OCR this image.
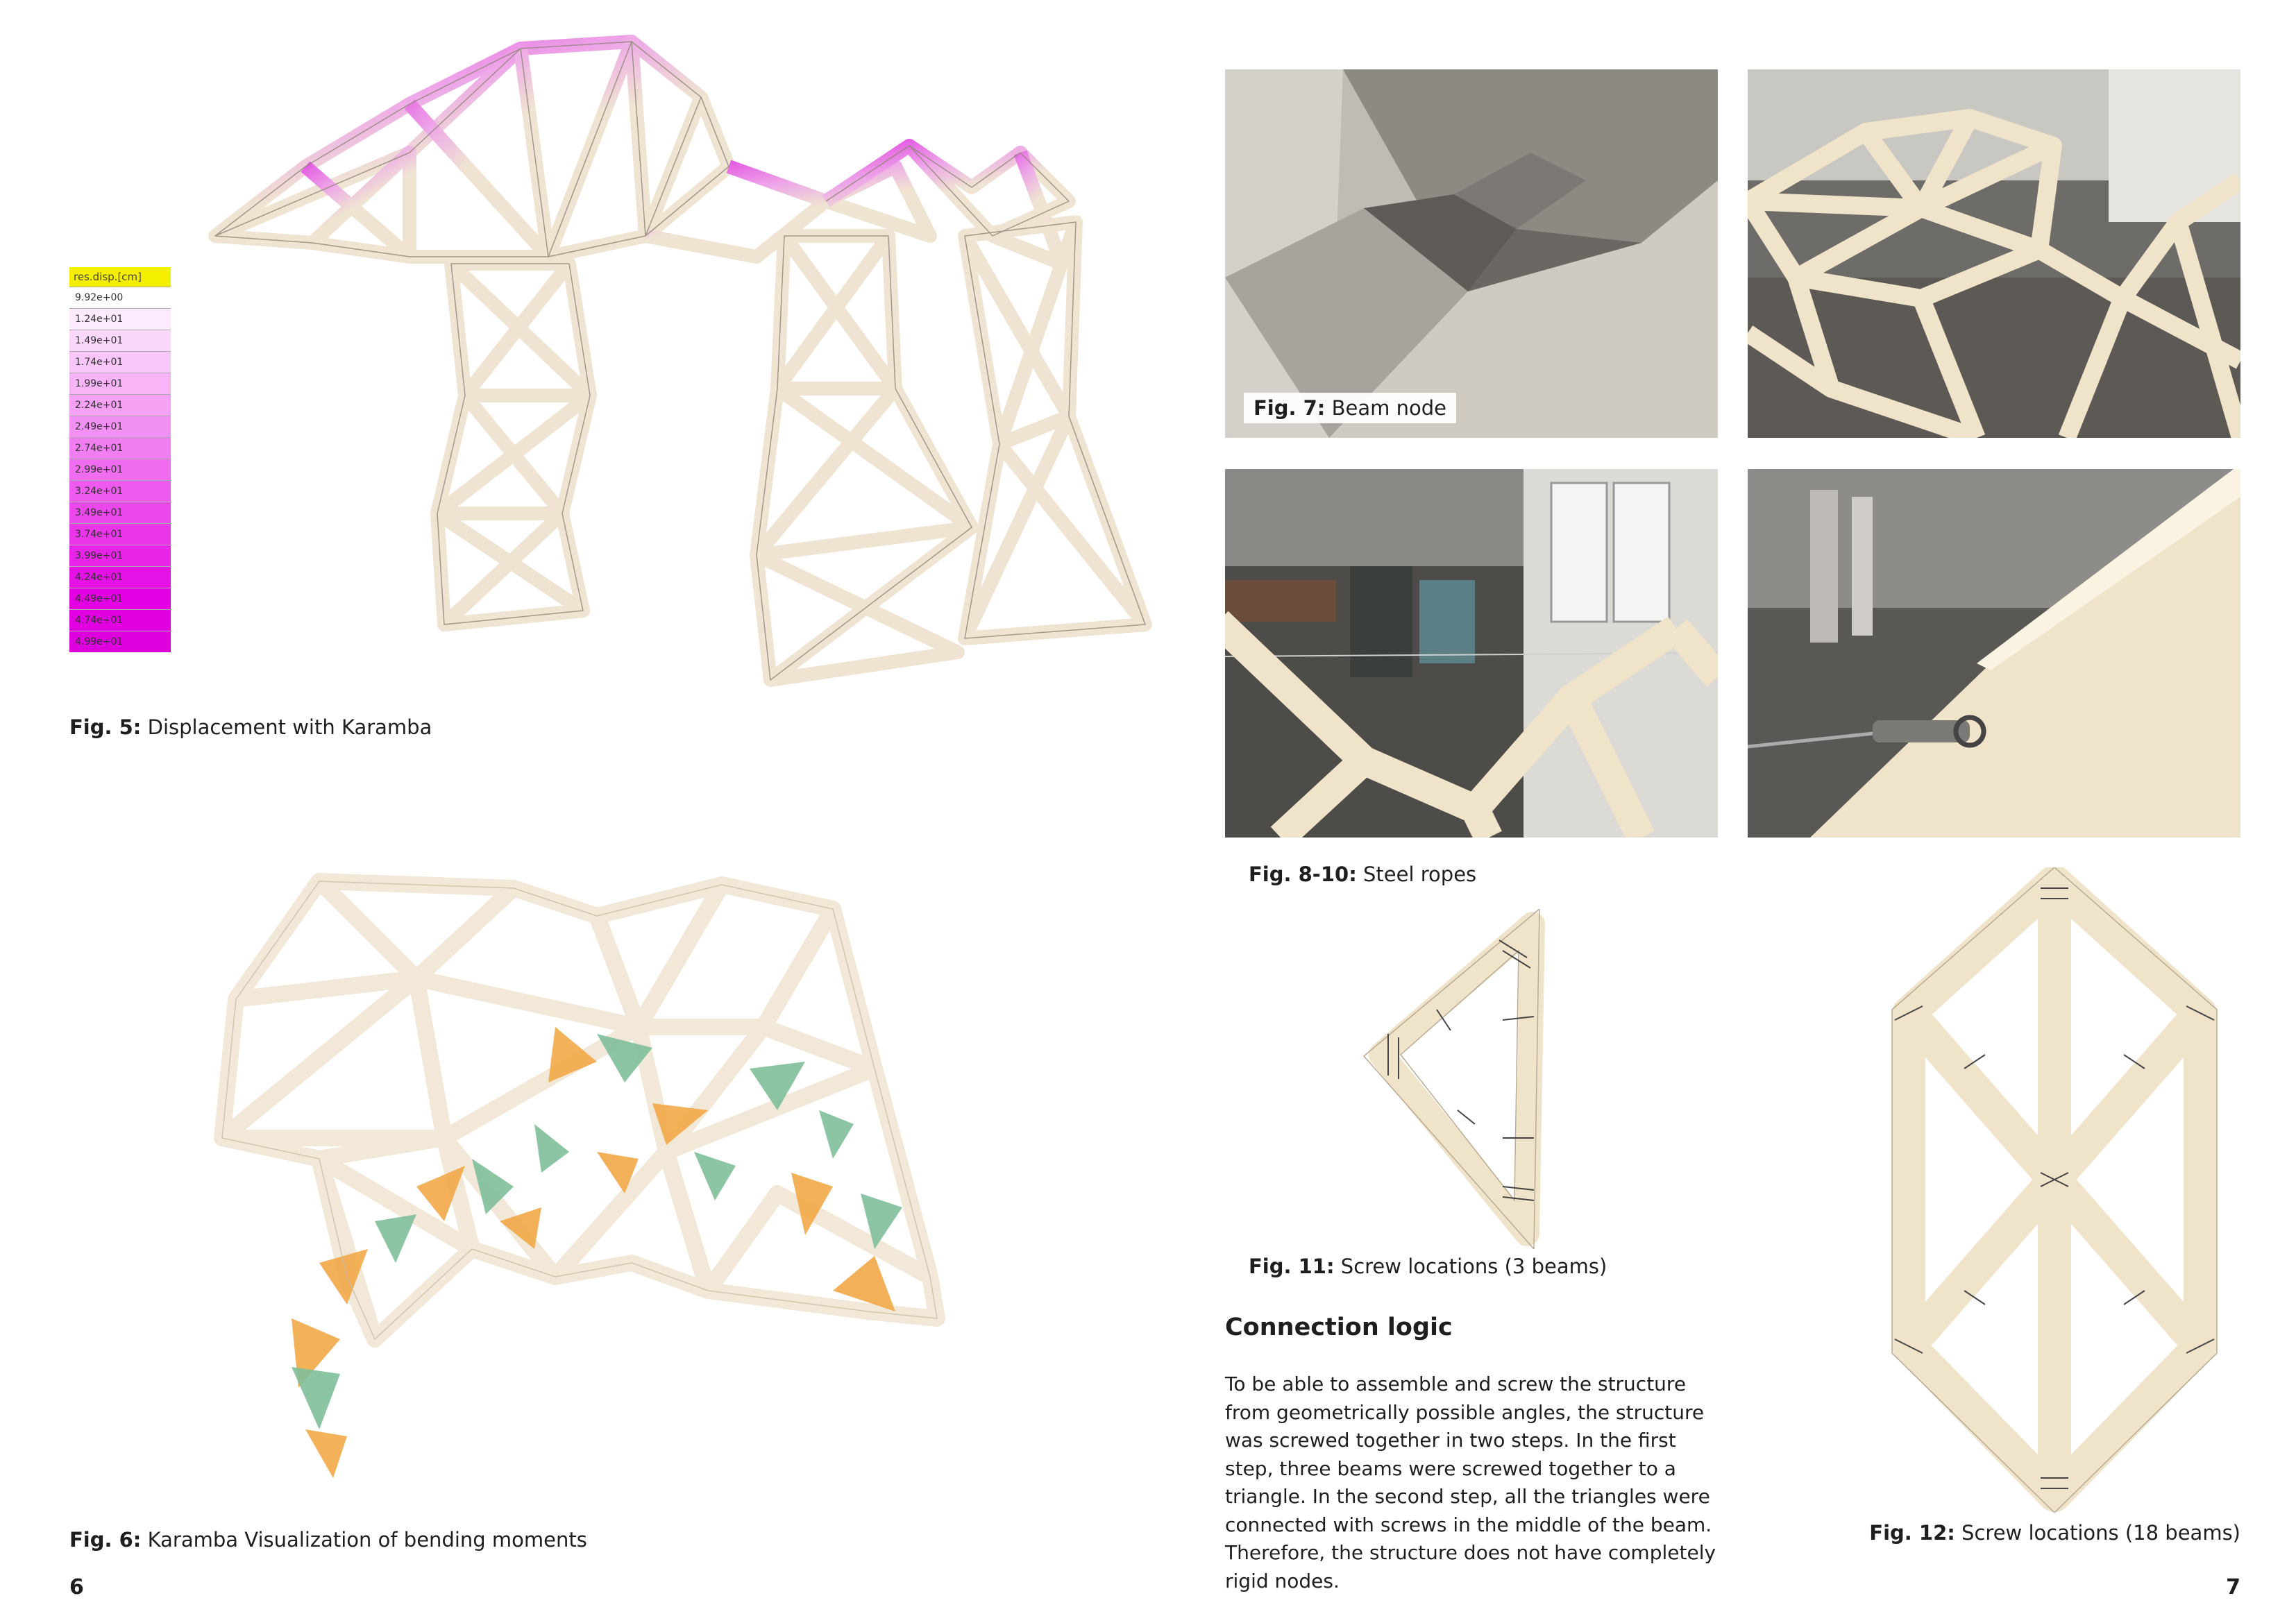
res.disp.[cm]
9.92e+00
1.24e+01
1.49e+01
1.74e+01
1.99e+01
2.24e+01
2.49e+01
2.74e+01
2.99e+01
3.24e+01
3.49e+01
3.74e+01
3.99e+01
4.24e+01
4.49e+01
4.74e+01
4.99e+01
Fig. 5: Displacement with Karamba
Fig. 6: Karamba Visualization of bending moments
6
Fig. 7: Beam node
Fig. 8-10: Steel ropes
Fig. 11: Screw locations (3 beams)
Connection logic

To be able to assemble and screw the structure from geometrically possible angles, the structure was screwed together in two steps. In the first step, three beams were screwed together to a triangle. In the second step, all the triangles were connected with screws in the middle of the beam. Therefore, the structure does not have completely rigid nodes.

Fig. 12: Screw locations (18 beams)
7
